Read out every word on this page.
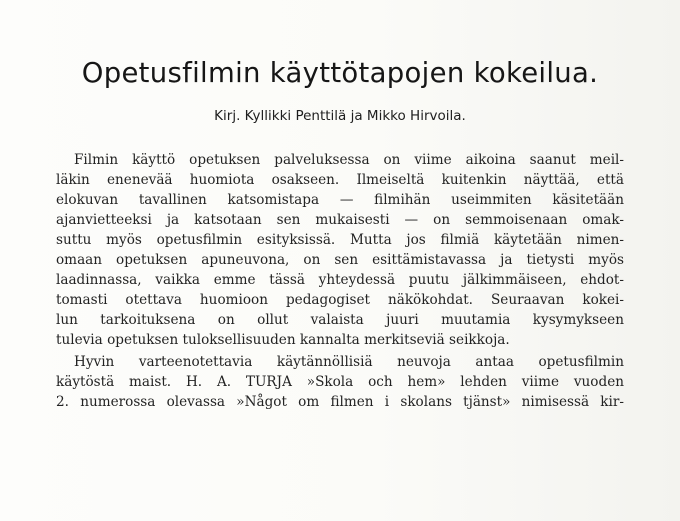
Opetusfilmin käyttötapojen kokeilua.
Kirj. Kyllikki Penttilä ja Mikko Hirvoila.
Filmin käyttö opetuksen palveluksessa on viime aikoina saanut meil-
läkin enenevää huomiota osakseen. Ilmeiseltä kuitenkin näyttää, että
elokuvan tavallinen katsomistapa — filmihän useimmiten käsitetään
ajanvietteeksi ja katsotaan sen mukaisesti — on semmoisenaan omak-
suttu myös opetusfilmin esityksissä. Mutta jos filmiä käytetään nimen-
omaan opetuksen apuneuvona, on sen esittämistavassa ja tietysti myös
laadinnassa, vaikka emme tässä yhteydessä puutu jälkimmäiseen, ehdot-
tomasti otettava huomioon pedagogiset näkökohdat. Seuraavan kokei-
lun tarkoituksena on ollut valaista juuri muutamia kysymykseen
tulevia opetuksen tuloksellisuuden kannalta merkitseviä seikkoja.
Hyvin varteenotettavia käytännöllisiä neuvoja antaa opetusfilmin
käytöstä maist. H. A. TURJA »Skola och hem» lehden viime vuoden
2. numerossa olevassa »Något om filmen i skolans tjänst» nimisessä kir-
